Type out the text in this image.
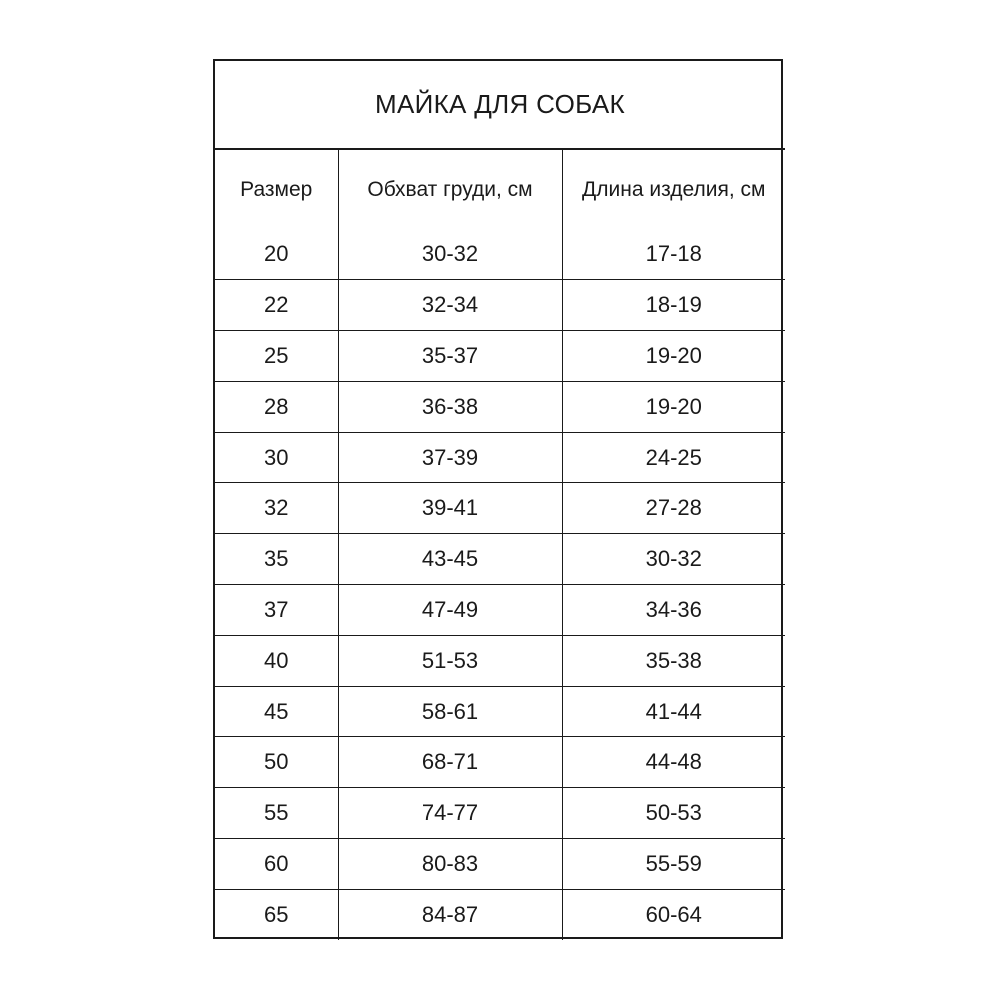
МАЙКА ДЛЯ СОБАК		
Размер	Обхват груди, см	Длина изделия, см
20	30-32	17-18
22	32-34	18-19
25	35-37	19-20
28	36-38	19-20
30	37-39	24-25
32	39-41	27-28
35	43-45	30-32
37	47-49	34-36
40	51-53	35-38
45	58-61	41-44
50	68-71	44-48
55	74-77	50-53
60	80-83	55-59
65	84-87	60-64
